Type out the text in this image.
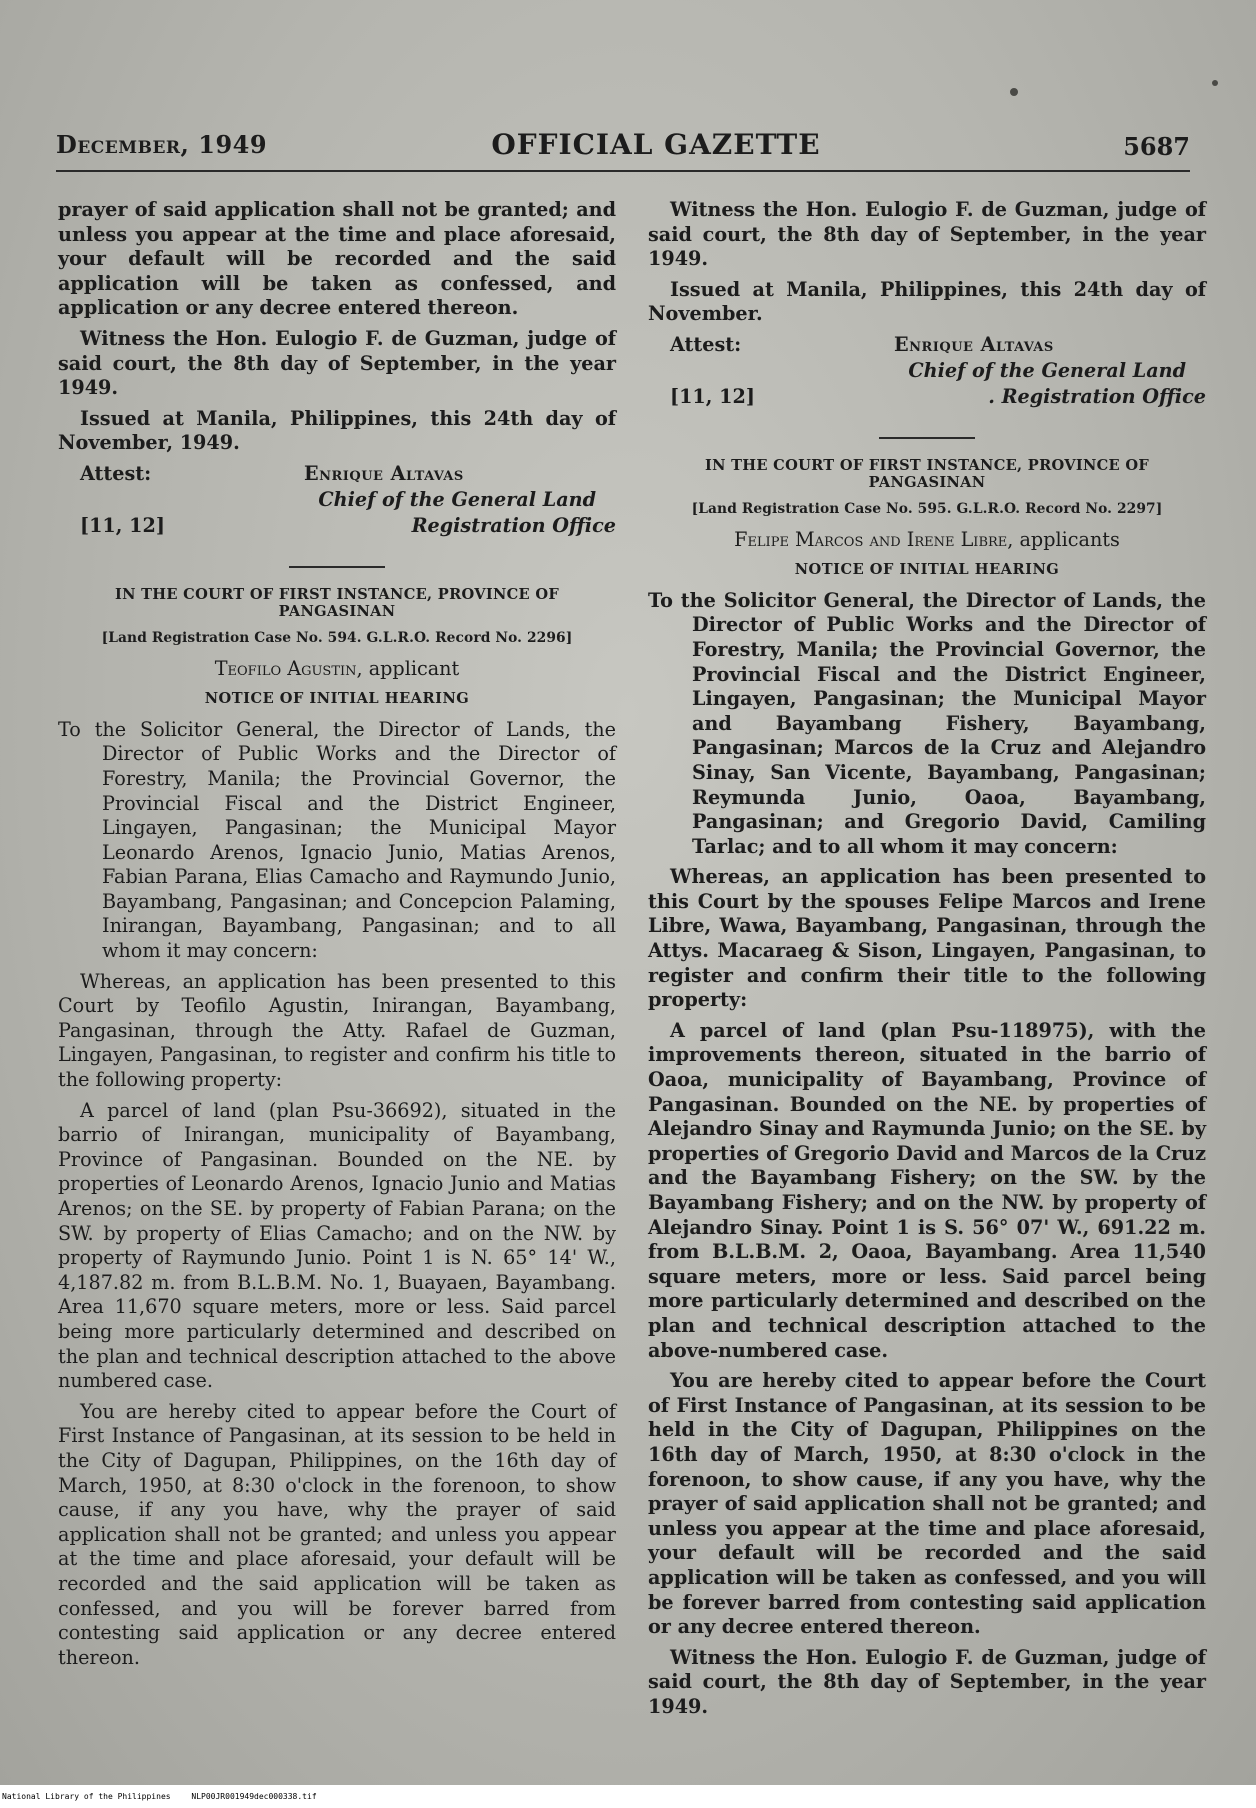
December, 1949	OFFICIAL GAZETTE	5687

prayer of said application shall not be granted; and unless you appear at the time and place aforesaid, your default will be recorded and the said application will be taken as confessed, and application or any decree entered thereon.

Witness the Hon. Eulogio F. de Guzman, judge of said court, the 8th day of September, in the year 1949.

Issued at Manila, Philippines, this 24th day of November, 1949.

Attest:	Enrique Altavas
Chief of the General Land
[11, 12]	Registration Office

IN THE COURT OF FIRST INSTANCE, PROVINCE OF PANGASINAN

[Land Registration Case No. 594. G.L.R.O. Record No. 2296]

Teofilo Agustin, applicant

NOTICE OF INITIAL HEARING

To the Solicitor General, the Director of Lands, the Director of Public Works and the Director of Forestry, Manila; the Provincial Governor, the Provincial Fiscal and the District Engineer, Lingayen, Pangasinan; the Municipal Mayor Leonardo Arenos, Ignacio Junio, Matias Arenos, Fabian Parana, Elias Camacho and Raymundo Junio, Bayambang, Pangasinan; and Concepcion Palaming, Inirangan, Bayambang, Pangasinan; and to all whom it may concern:

Whereas, an application has been presented to this Court by Teofilo Agustin, Inirangan, Bayambang, Pangasinan, through the Atty. Rafael de Guzman, Lingayen, Pangasinan, to register and confirm his title to the following property:

A parcel of land (plan Psu-36692), situated in the barrio of Inirangan, municipality of Bayambang, Province of Pangasinan. Bounded on the NE. by properties of Leonardo Arenos, Ignacio Junio and Matias Arenos; on the SE. by property of Fabian Parana; on the SW. by property of Elias Camacho; and on the NW. by property of Raymundo Junio. Point 1 is N. 65° 14' W., 4,187.82 m. from B.L.B.M. No. 1, Buayaen, Bayambang. Area 11,670 square meters, more or less. Said parcel being more particularly determined and described on the plan and technical description attached to the above numbered case.

You are hereby cited to appear before the Court of First Instance of Pangasinan, at its session to be held in the City of Dagupan, Philippines, on the 16th day of March, 1950, at 8:30 o'clock in the forenoon, to show cause, if any you have, why the prayer of said application shall not be granted; and unless you appear at the time and place aforesaid, your default will be recorded and the said application will be taken as confessed, and you will be forever barred from contesting said application or any decree entered thereon.

Witness the Hon. Eulogio F. de Guzman, judge of said court, the 8th day of September, in the year 1949.

Issued at Manila, Philippines, this 24th day of November.

Attest:	Enrique Altavas
Chief of the General Land
[11, 12]	. Registration Office

IN THE COURT OF FIRST INSTANCE, PROVINCE OF PANGASINAN

[Land Registration Case No. 595. G.L.R.O. Record No. 2297]

Felipe Marcos and Irene Libre, applicants

NOTICE OF INITIAL HEARING

To the Solicitor General, the Director of Lands, the Director of Public Works and the Director of Forestry, Manila; the Provincial Governor, the Provincial Fiscal and the District Engineer, Lingayen, Pangasinan; the Municipal Mayor and Bayambang Fishery, Bayambang, Pangasinan; Marcos de la Cruz and Alejandro Sinay, San Vicente, Bayambang, Pangasinan; Reymunda Junio, Oaoa, Bayambang, Pangasinan; and Gregorio David, Camiling Tarlac; and to all whom it may concern:

Whereas, an application has been presented to this Court by the spouses Felipe Marcos and Irene Libre, Wawa, Bayambang, Pangasinan, through the Attys. Macaraeg & Sison, Lingayen, Pangasinan, to register and confirm their title to the following property:

A parcel of land (plan Psu-118975), with the improvements thereon, situated in the barrio of Oaoa, municipality of Bayambang, Province of Pangasinan. Bounded on the NE. by properties of Alejandro Sinay and Raymunda Junio; on the SE. by properties of Gregorio David and Marcos de la Cruz and the Bayambang Fishery; on the SW. by the Bayambang Fishery; and on the NW. by property of Alejandro Sinay. Point 1 is S. 56° 07' W., 691.22 m. from B.L.B.M. 2, Oaoa, Bayambang. Area 11,540 square meters, more or less. Said parcel being more particularly determined and described on the plan and technical description attached to the above-numbered case.

You are hereby cited to appear before the Court of First Instance of Pangasinan, at its session to be held in the City of Dagupan, Philippines on the 16th day of March, 1950, at 8:30 o'clock in the forenoon, to show cause, if any you have, why the prayer of said application shall not be granted; and unless you appear at the time and place aforesaid, your default will be recorded and the said application will be taken as confessed, and you will be forever barred from contesting said application or any decree entered thereon.

Witness the Hon. Eulogio F. de Guzman, judge of said court, the 8th day of September, in the year 1949.

National Library of the Philippines	NLP00JR001949dec000338.tif
